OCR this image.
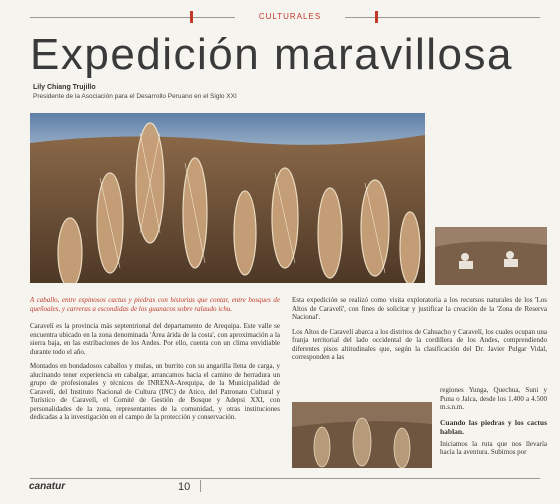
CULTURALES
Expedición maravillosa
Lily Chiang Trujillo
Presidente de la Asociación para el Desarrollo Peruano en el Siglo XXI
A caballo, entre espinosos cactus y piedras con historias que contar, entre bosques de queñoales, y carreras a escondidas de los guanacos sobre ralaudo ichu.

Caravelí es la provincia más septentrional del departamento de Arequipa. Este valle se encuentra ubicado en la zona denominada 'Área árida de la costa', con aproximación a la sierra baja, en las estribaciones de los Andes. Por ello, cuenta con un clima envidiable durante todo el año.

Montados en bondadosos caballos y mulas, un burrito con su angarilla llena de carga, y alucinando tener experiencia en cabalgar, arrancamos hacia el camino de herradura un grupo de profesionales y técnicos de INRENA-Arequipa, de la Municipalidad de Caravelí, del Instituto Nacional de Cultura (INC) de Atico, del Patronato Cultural y Turístico de Caravelí, el Comité de Gestión de Bosque y Adepsi XXI, con personalidades de la zona, representantes de la comunidad, y otras instituciones dedicadas a la investigación en el campo de la protección y conservación.

Esta expedición se realizó como visita exploratoria a los recursos naturales de los 'Los Altos de Caravelí', con fines de solicitar y justificar la creación de la 'Zona de Reserva Nacional'.

Los Altos de Caravelí abarca a los distritos de Cahuacho y Caravelí, los cuales ocupan una franja territorial del lado occidental de la cordillera de los Andes, comprendiendo diferentes pisos altitudinales que, según la clasificación del Dr. Javier Pulgar Vidal, corresponden a las

regiones Yunga, Quechua, Suni y Puna o Jalca, desde los 1.400 a 4.500 m.s.n.m.

Cuando las piedras y los cactus hablan.

Iniciamos la ruta que nos llevaría hacia la aventura. Subimos por

canatur	10
